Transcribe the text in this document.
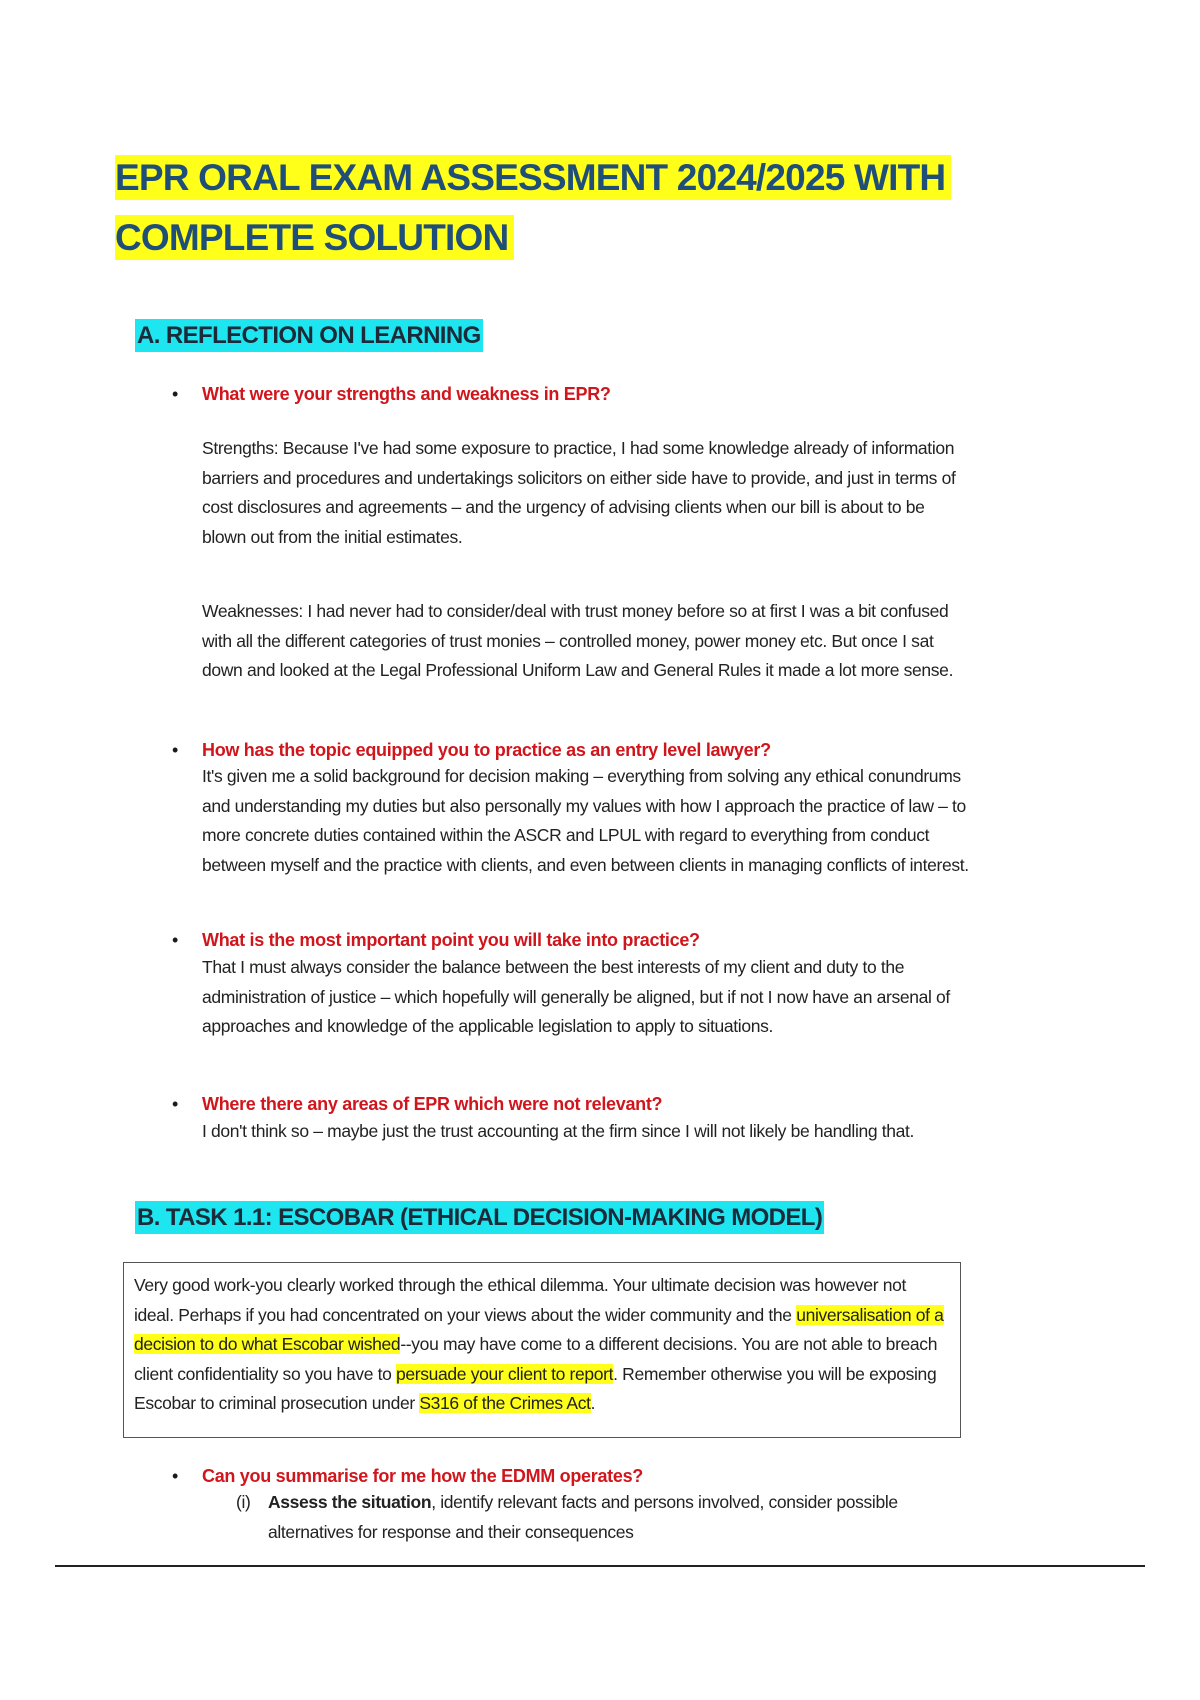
EPR ORAL EXAM ASSESSMENT 2024/2025 WITH
COMPLETE SOLUTION
A. REFLECTION ON LEARNING
• What were your strengths and weakness in EPR?
Strengths: Because I've had some exposure to practice, I had some knowledge already of information barriers and procedures and undertakings solicitors on either side have to provide, and just in terms of cost disclosures and agreements – and the urgency of advising clients when our bill is about to be blown out from the initial estimates.
Weaknesses: I had never had to consider/deal with trust money before so at first I was a bit confused with all the different categories of trust monies – controlled money, power money etc. But once I sat down and looked at the Legal Professional Uniform Law and General Rules it made a lot more sense.
• How has the topic equipped you to practice as an entry level lawyer?
It's given me a solid background for decision making – everything from solving any ethical conundrums and understanding my duties but also personally my values with how I approach the practice of law – to more concrete duties contained within the ASCR and LPUL with regard to everything from conduct between myself and the practice with clients, and even between clients in managing conflicts of interest.
• What is the most important point you will take into practice?
That I must always consider the balance between the best interests of my client and duty to the administration of justice – which hopefully will generally be aligned, but if not I now have an arsenal of approaches and knowledge of the applicable legislation to apply to situations.
• Where there any areas of EPR which were not relevant?
I don't think so – maybe just the trust accounting at the firm since I will not likely be handling that.
B. TASK 1.1: ESCOBAR (ETHICAL DECISION-MAKING MODEL)
Very good work-you clearly worked through the ethical dilemma. Your ultimate decision was however not ideal. Perhaps if you had concentrated on your views about the wider community and the universalisation of a decision to do what Escobar wished--you may have come to a different decisions. You are not able to breach client confidentiality so you have to persuade your client to report. Remember otherwise you will be exposing Escobar to criminal prosecution under S316 of the Crimes Act.
• Can you summarise for me how the EDMM operates?
(i)	Assess the situation, identify relevant facts and persons involved, consider possible alternatives for response and their consequences
